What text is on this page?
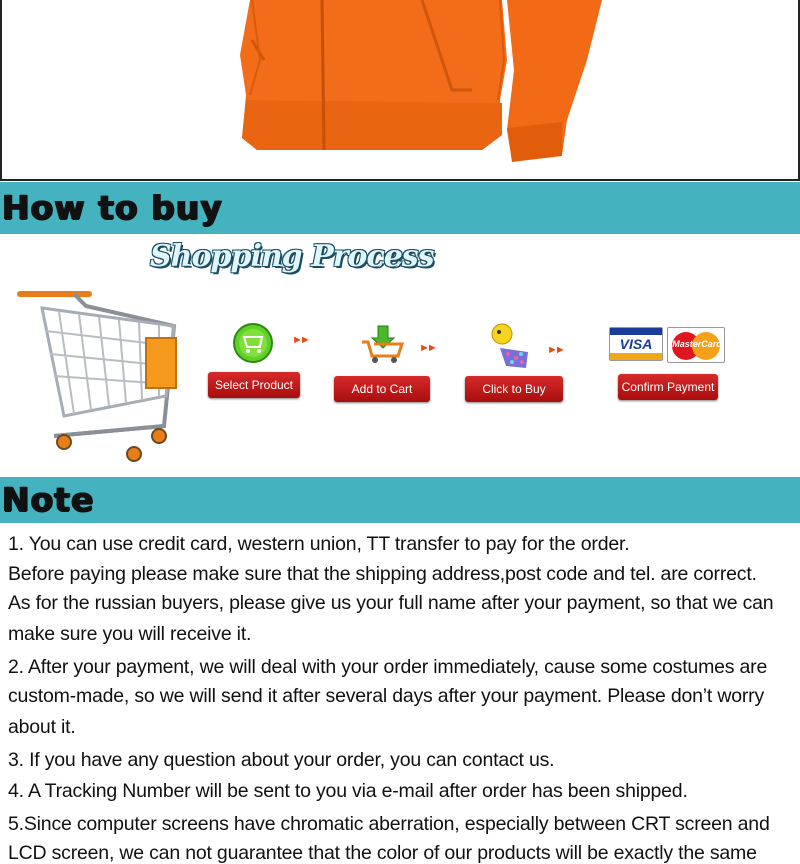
How to buy
Shopping Process
►►
Select Product
►►
Add to Cart
►►
Click to Buy
VISA	MasterCard
Confirm Payment
Note
1. You can use credit card, western union, TT transfer to pay for the order.
Before paying please make sure that the shipping address,post code and tel. are correct.
As for the russian buyers, please give us your full name after your payment, so that we can
make sure you will receive it.
2. After your payment, we will deal with your order immediately, cause some costumes are
custom-made, so we will send it after several days after your payment. Please don’t worry
about it.
3. If you have any question about your order, you can contact us.
4. A Tracking Number will be sent to you via e-mail after order has been shipped.
5.Since computer screens have chromatic aberration, especially between CRT screen and
LCD screen, we can not guarantee that the color of our products will be exactly the same
